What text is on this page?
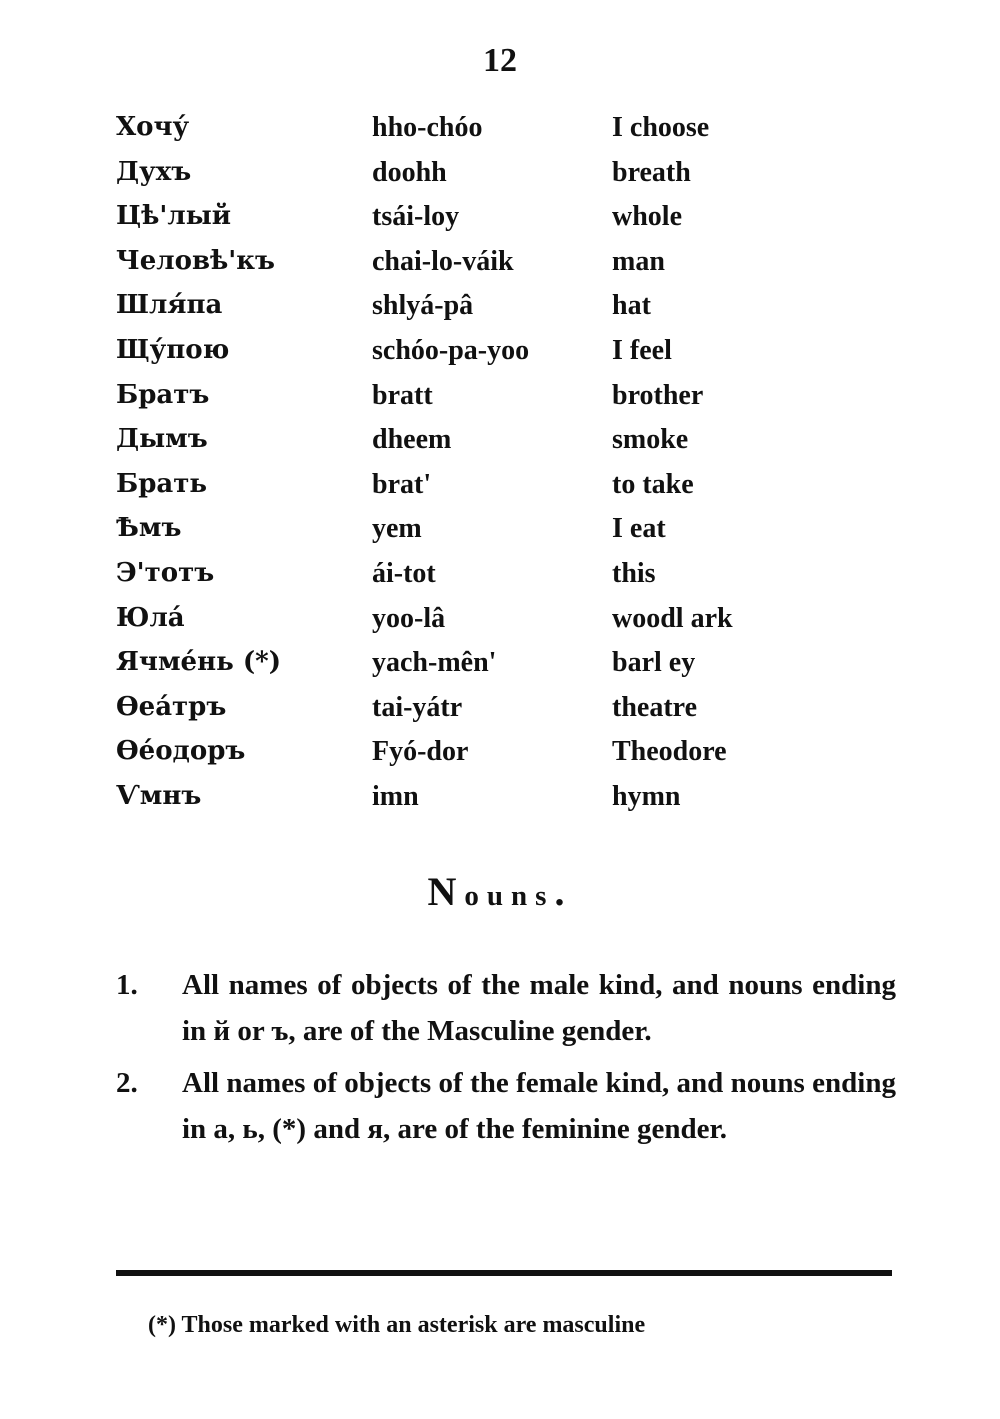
12
Хочу́	hho-chóo	I choose
Духъ	doohh	breath
Цѣ'лый	tsái-loy	whole
Человѣ'къ	chai-lo-váik	man
Шля́па	shlyá-pâ	hat
Щу́пою	schóo-pa-yoo	I feel
Братъ	bratt	brother
Дымъ	dheem	smoke
Брать	brat'	to take
Ѣмъ	yem	I eat
Э'тотъ	ái-tot	this
Юла́	yoo-lâ	woodl ark
Ячме́нь (*)	yach-mên'	barl ey
Ѳеа́тръ	tai-yátr	theatre
Ѳе́одоръ	Fyó-dor	Theodore
Ѵмнъ	imn	hymn
Nouns.
1. All names of objects of the male kind, and nouns ending in й or ъ, are of the Masculine gender.
2. All names of objects of the female kind, and nouns ending in а, ь, (*) and я, are of the feminine gender.
(*) Those marked with an asterisk are masculine
